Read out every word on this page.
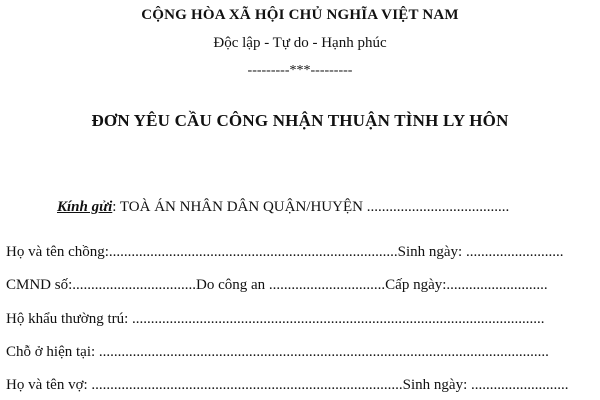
CỘNG HÒA XÃ HỘI CHỦ NGHĨA VIỆT NAM
Độc lập - Tự do - Hạnh phúc
---------***---------
ĐƠN YÊU CẦU CÔNG NHẬN THUẬN TÌNH LY HÔN
Kính gửi: TOÀ ÁN NHÂN DÂN QUẬN/HUYỆN ......................................
Họ và tên chồng:.............................................................................Sinh ngày: ..........................
CMND số:.................................Do công an ...............................Cấp ngày:...........................
Hộ khẩu thường trú: ..............................................................................................................
Chỗ ở hiện tại: ........................................................................................................................
Họ và tên vợ: ...................................................................................Sinh ngày: ..........................
